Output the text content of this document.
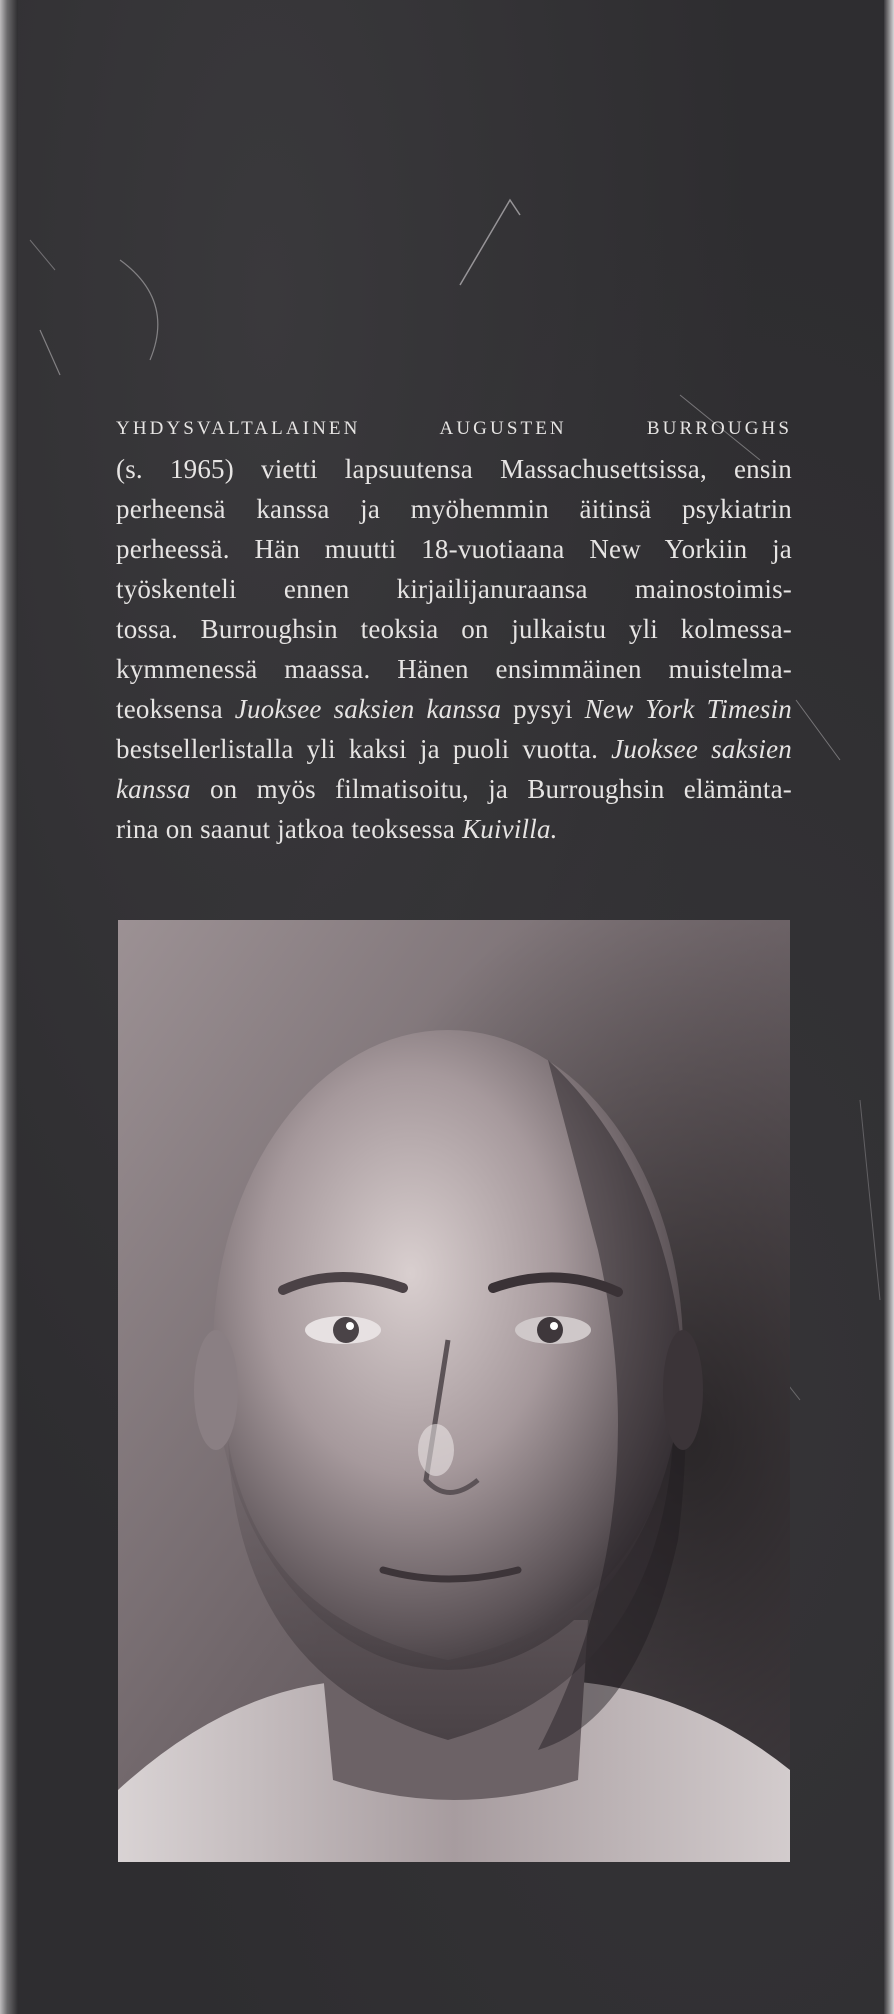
YHDYSVALTALAINEN AUGUSTEN BURROUGHS

(s. 1965) vietti lapsuutensa Massachusettsissa, ensin

perheensä kanssa ja myöhemmin äitinsä psykiatrin

perheessä. Hän muutti 18-vuotiaana New Yorkiin ja

työskenteli ennen kirjailijanuraansa mainostoimis-

tossa. Burroughsin teoksia on julkaistu yli kolmessa-

kymmenessä maassa. Hänen ensimmäinen muistelma-

teoksensa Juoksee saksien kanssa pysyi New York Timesin

bestsellerlistalla yli kaksi ja puoli vuotta. Juoksee saksien

kanssa on myös filmatisoitu, ja Burroughsin elämänta-

rina on saanut jatkoa teoksessa Kuivilla.
